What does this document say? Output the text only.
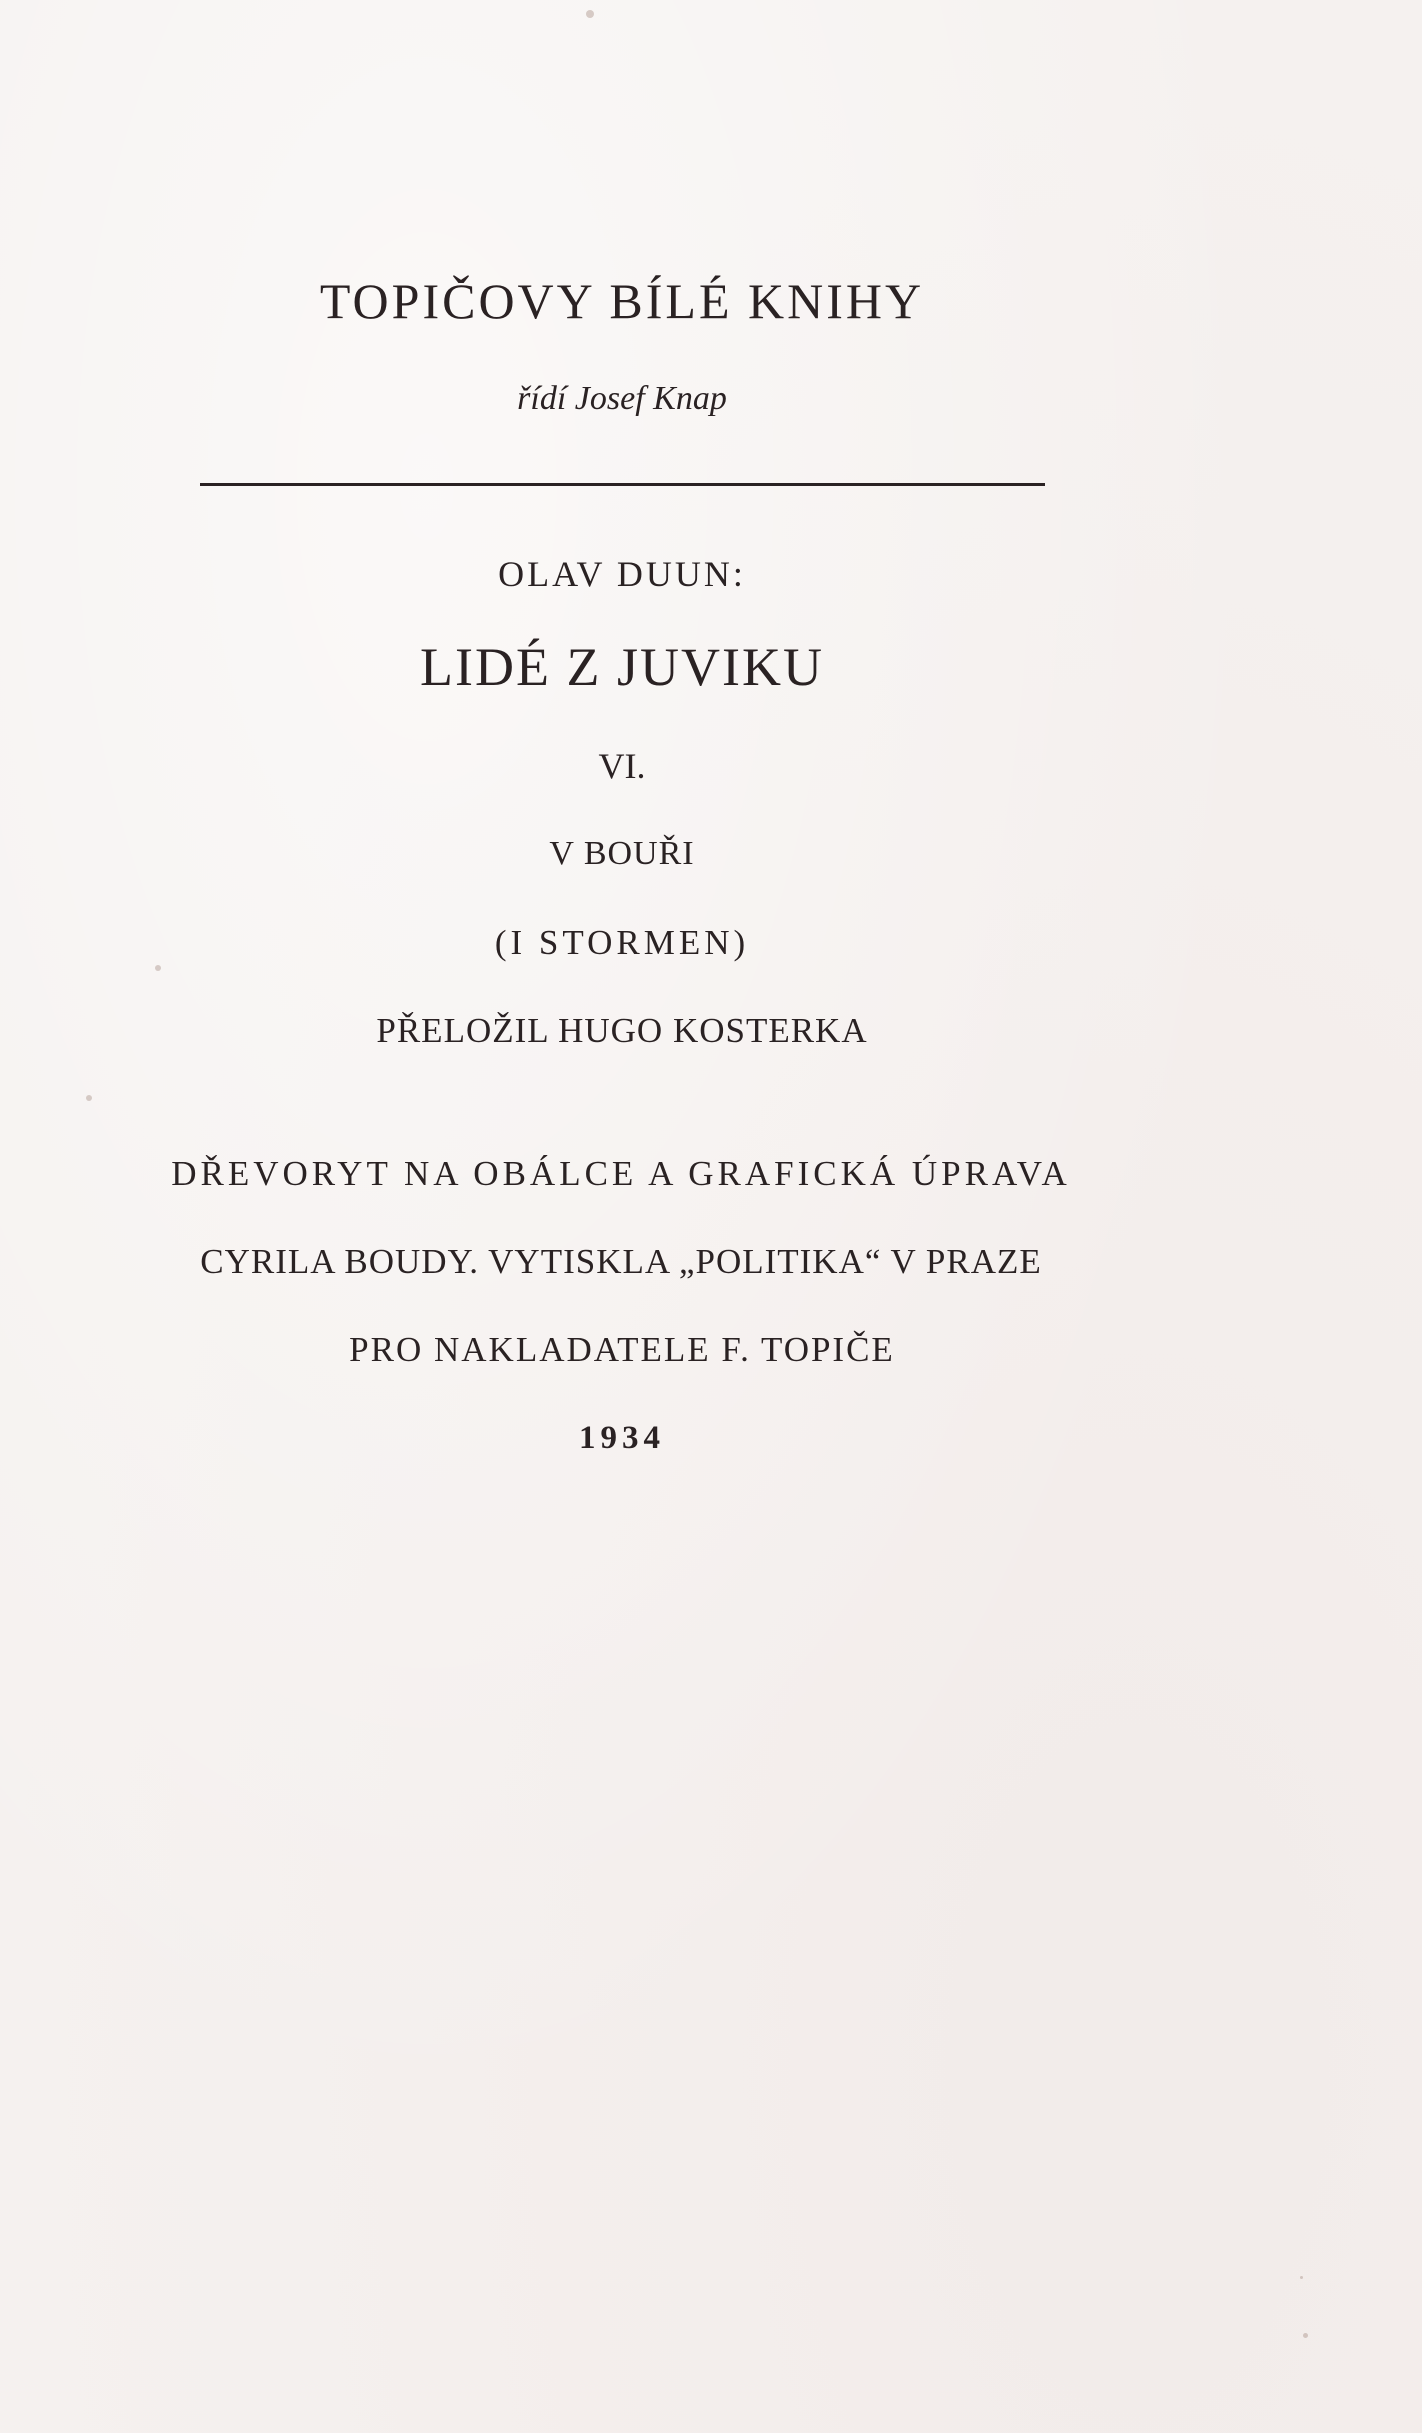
TOPIČOVY BÍLÉ KNIHY
řídí Josef Knap
OLAV DUUN:
LIDÉ Z JUVIKU
VI.
V BOUŘI
(I STORMEN)
PŘELOŽIL HUGO KOSTERKA
DŘEVORYT NA OBÁLCE A GRAFICKÁ ÚPRAVA
CYRILA BOUDY. VYTISKLA „POLITIKA“ V PRAZE
PRO NAKLADATELE F. TOPIČE
1934
